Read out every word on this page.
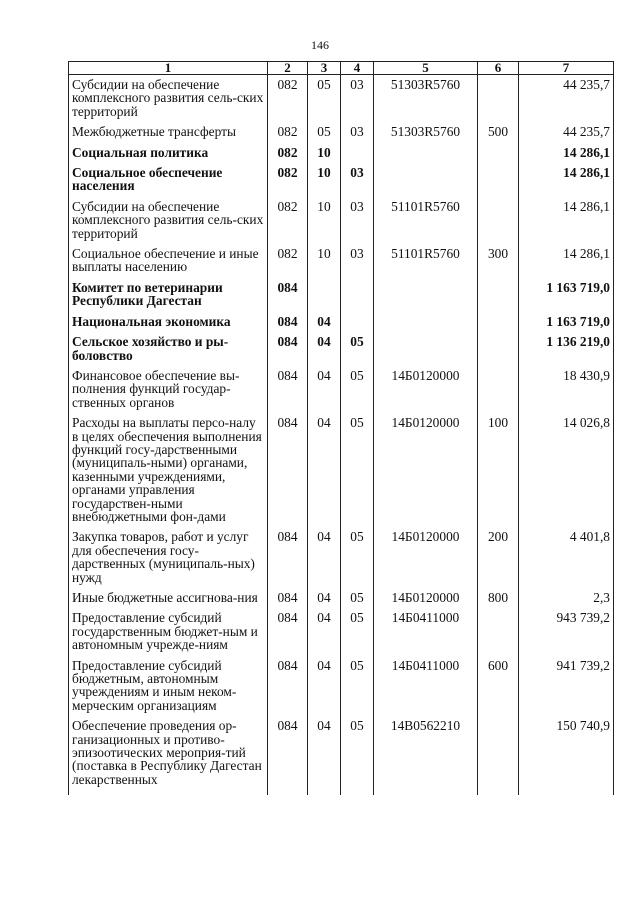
146
1	2	3	4	5	6	7
Субсидии на обеспечение комплексного развития сель-ских территорий	082	05	03	51303R5760		44 235,7
Межбюджетные трансферты	082	05	03	51303R5760	500	44 235,7
Социальная политика	082	10				14 286,1
Социальное обеспечение населения	082	10	03			14 286,1
Субсидии на обеспечение комплексного развития сель-ских территорий	082	10	03	51101R5760		14 286,1
Социальное обеспечение и иные выплаты населению	082	10	03	51101R5760	300	14 286,1
Комитет по ветеринарии Республики Дагестан	084					1 163 719,0
Национальная экономика	084	04				1 163 719,0
Сельское хозяйство и ры-боловство	084	04	05			1 136 219,0
Финансовое обеспечение вы-полнения функций государ-ственных органов	084	04	05	14Б0120000		18 430,9
Расходы на выплаты персо-налу в целях обеспечения выполнения функций госу-дарственными (муниципаль-ными) органами, казенными учреждениями, органами управления государствен-ными внебюджетными фон-дами	084	04	05	14Б0120000	100	14 026,8
Закупка товаров, работ и услуг для обеспечения госу-дарственных (муниципаль-ных) нужд	084	04	05	14Б0120000	200	4 401,8
Иные бюджетные ассигнова-ния	084	04	05	14Б0120000	800	2,3
Предоставление субсидий государственным бюджет-ным и автономным учрежде-ниям	084	04	05	14Б0411000		943 739,2
Предоставление субсидий бюджетным, автономным учреждениям и иным неком-мерческим организациям	084	04	05	14Б0411000	600	941 739,2
Обеспечение проведения ор-ганизационных и противо-эпизоотических мероприя-тий (поставка в Республику Дагестан лекарственных	084	04	05	14В0562210		150 740,9
